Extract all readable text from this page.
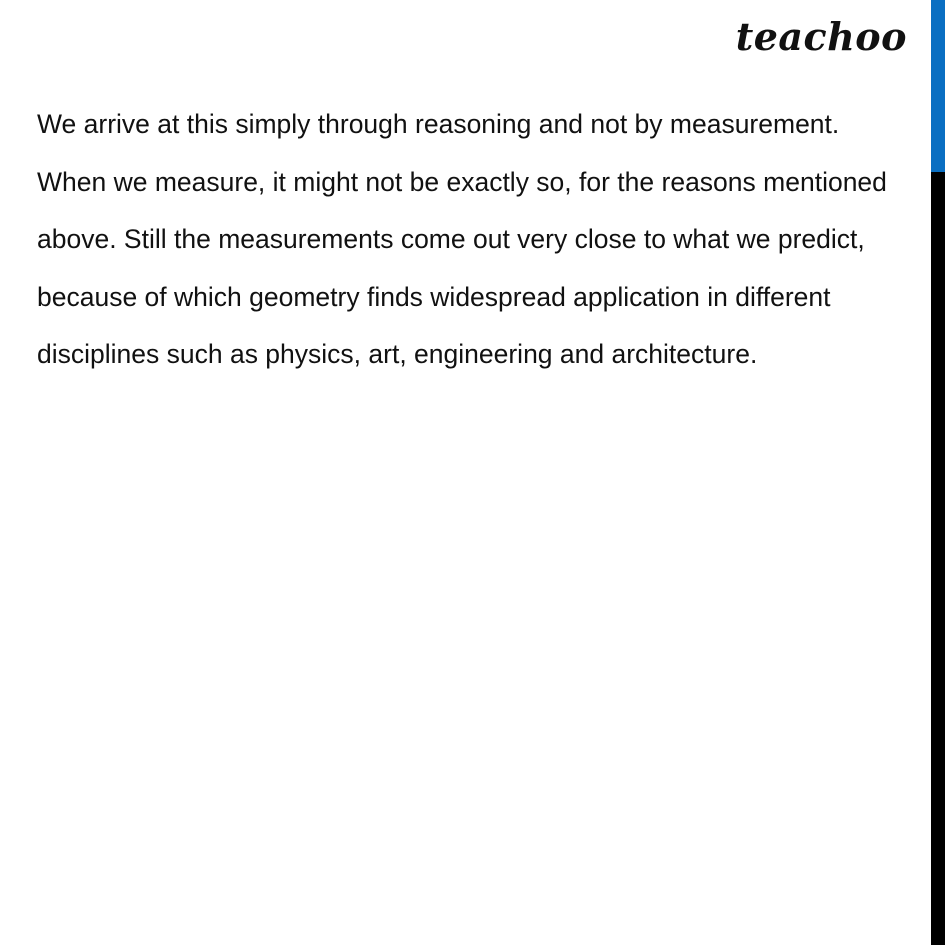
teachoo

We arrive at this simply through reasoning and not by measurement. When we measure, it might not be exactly so, for the reasons mentioned above. Still the measurements come out very close to what we predict, because of which geometry finds widespread application in different disciplines such as physics, art, engineering and architecture.
